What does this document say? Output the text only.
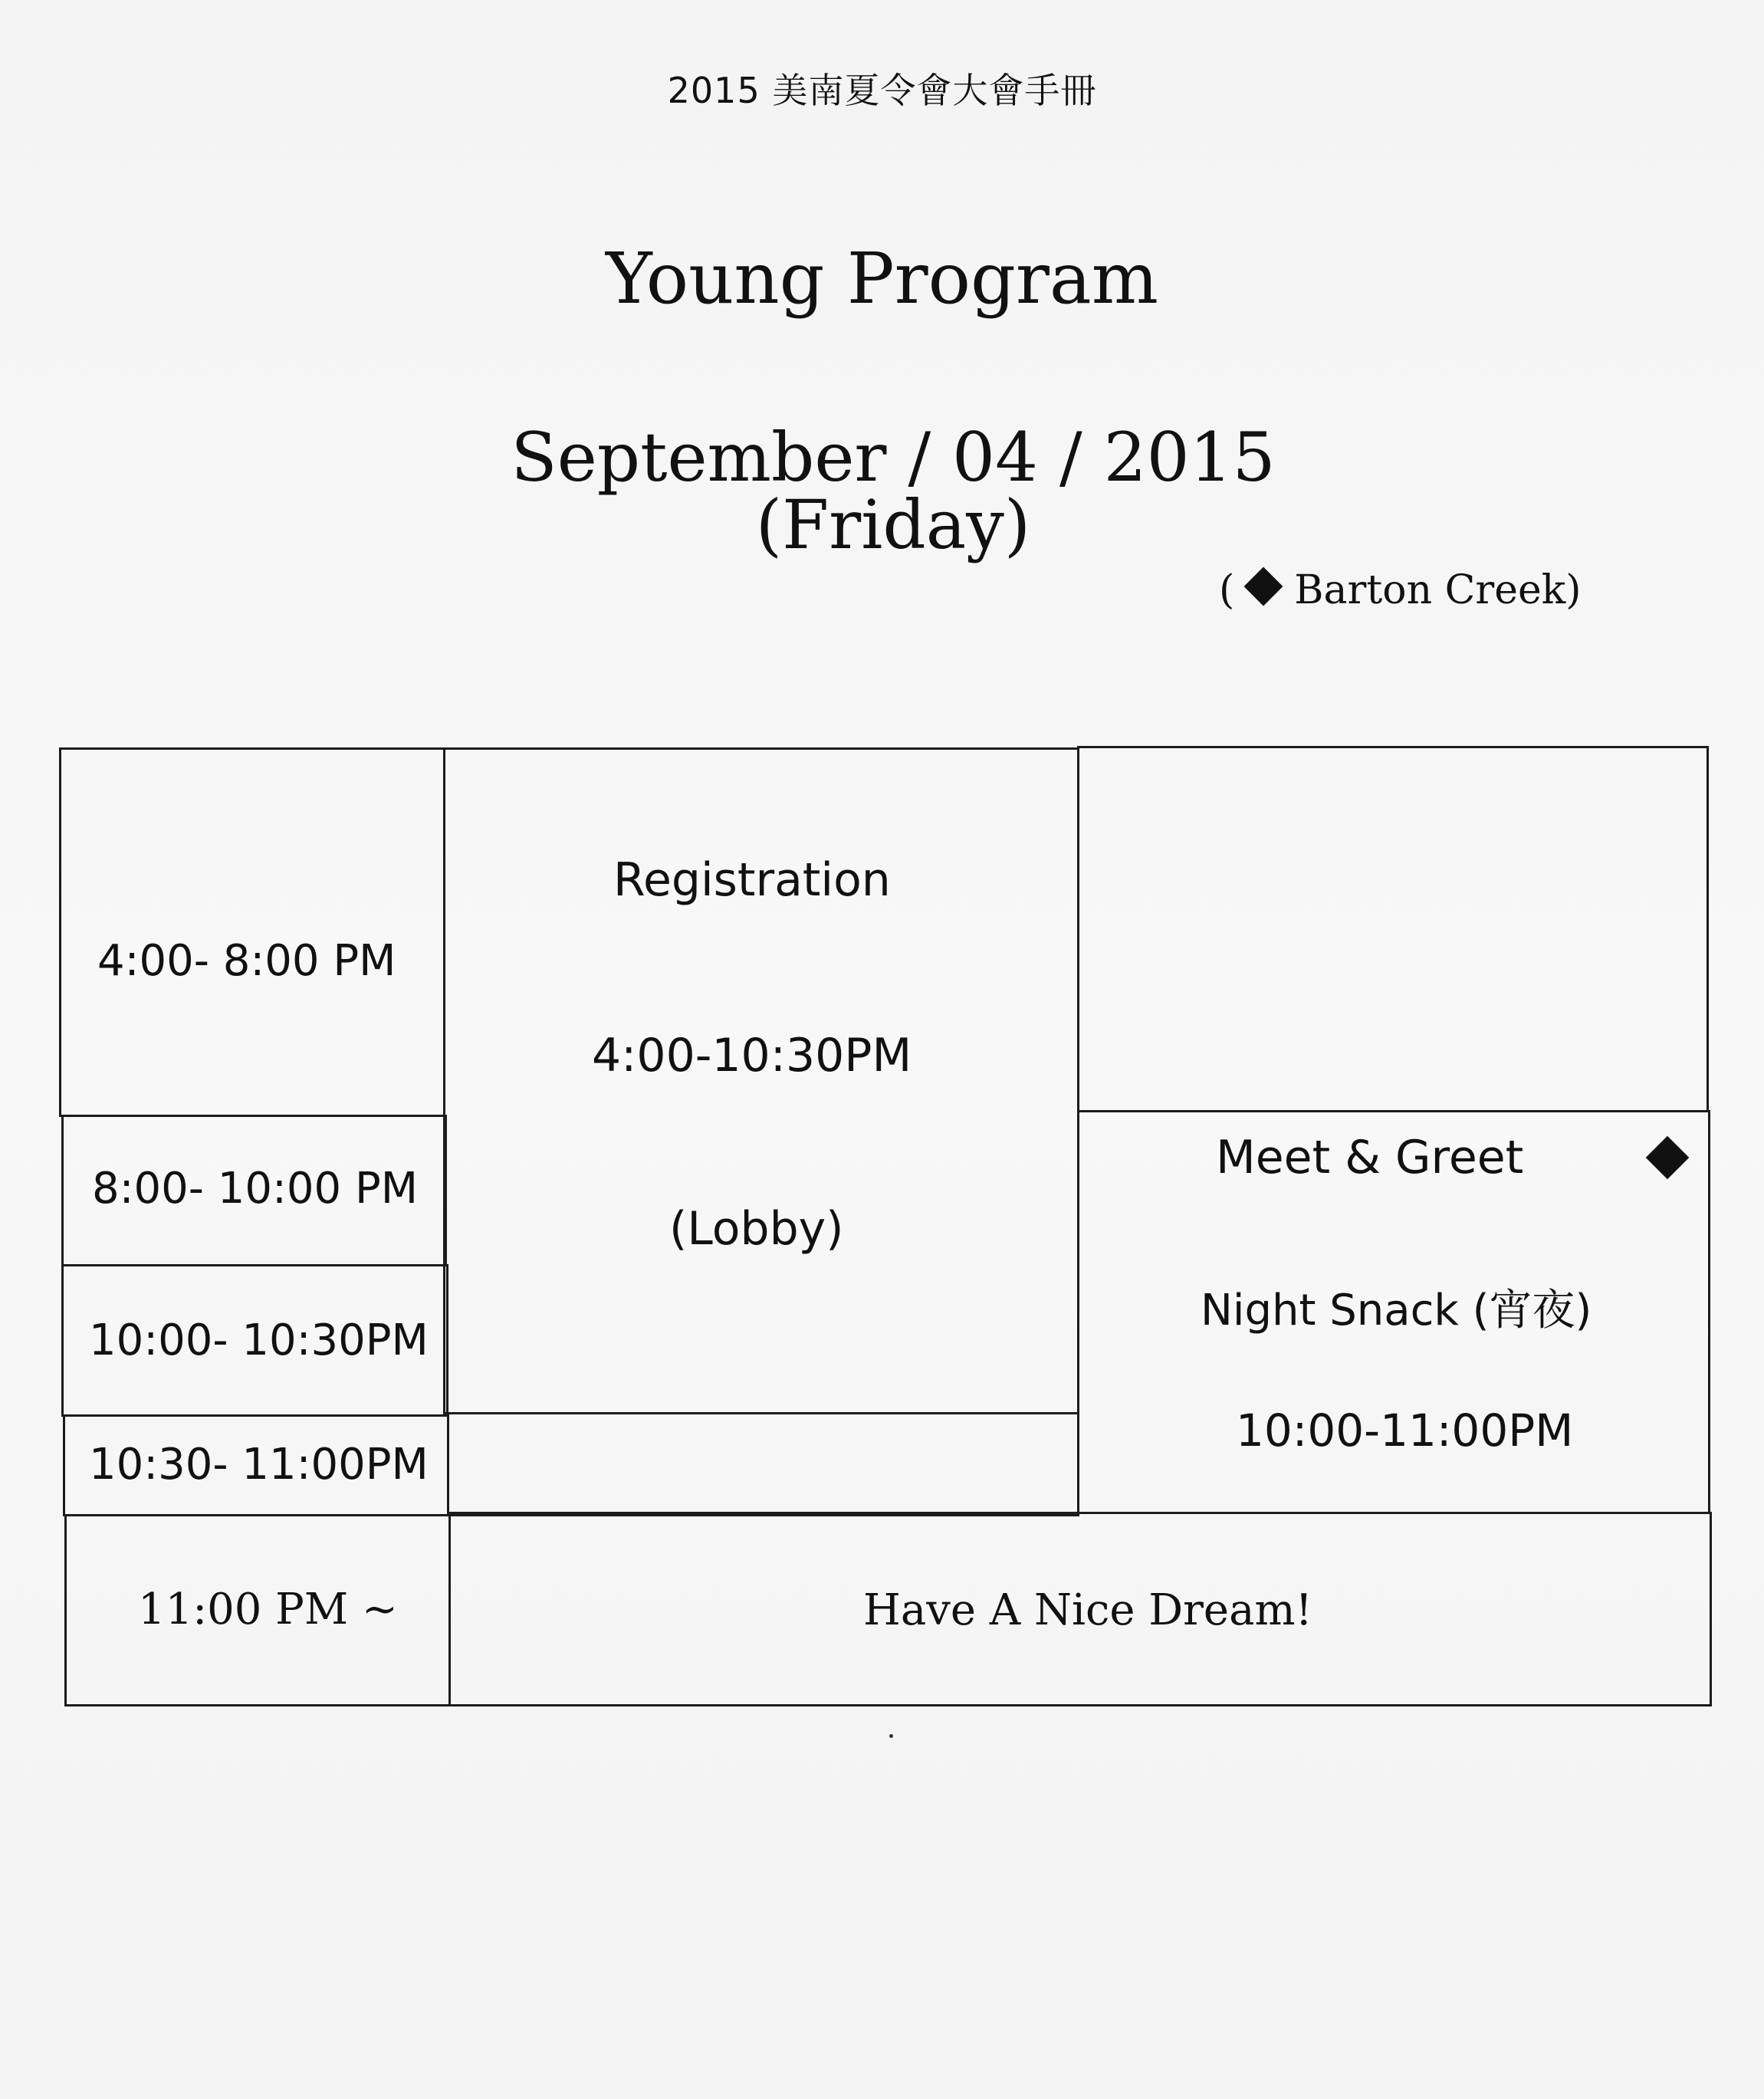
2015 美南夏令會大會手冊
Young Program
September / 04 / 2015 (Friday)
( Barton Creek)
4:00- 8:00 PM
8:00- 10:00 PM
10:00- 10:30PM
10:30- 11:00PM
11:00 PM ~
Registration
4:00-10:30PM
(Lobby)
Meet & Greet
Night Snack (宵夜)
10:00-11:00PM
Have A Nice Dream!
